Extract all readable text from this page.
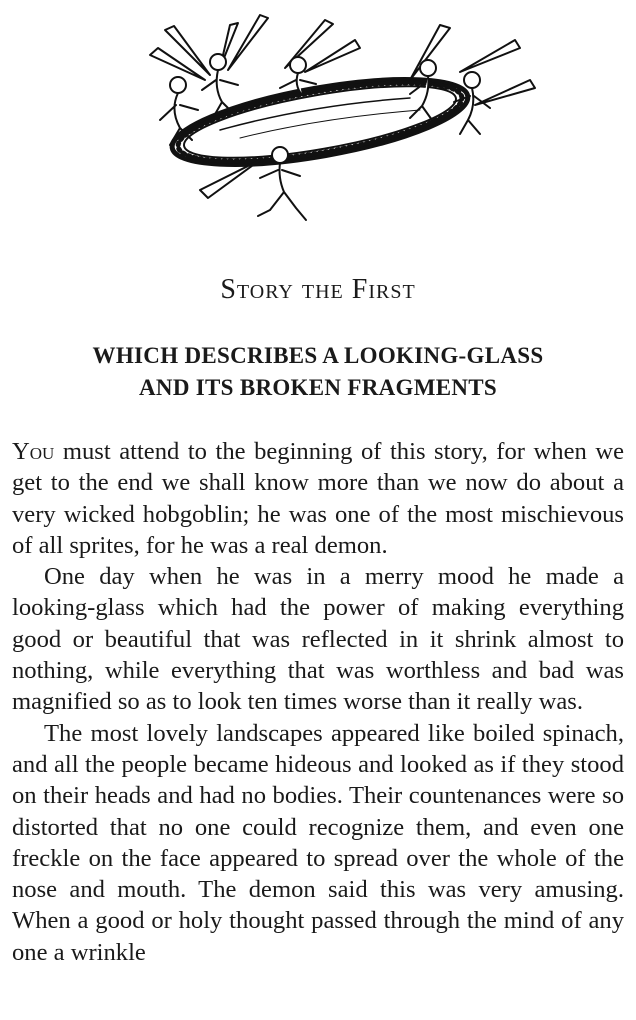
Story the First
WHICH DESCRIBES A LOOKING-GLASS
AND ITS BROKEN FRAGMENTS

You must attend to the beginning of this story, for when we get to the end we shall know more than we now do about a very wicked hobgoblin; he was one of the most mischievous of all sprites, for he was a real demon.

One day when he was in a merry mood he made a looking-glass which had the power of making everything good or beautiful that was reflected in it shrink almost to nothing, while everything that was worthless and bad was magnified so as to look ten times worse than it really was.

The most lovely landscapes appeared like boiled spinach, and all the people became hideous and looked as if they stood on their heads and had no bodies. Their countenances were so distorted that no one could recognize them, and even one freckle on the face appeared to spread over the whole of the nose and mouth. The demon said this was very amusing. When a good or holy thought passed through the mind of any one a wrinkle
